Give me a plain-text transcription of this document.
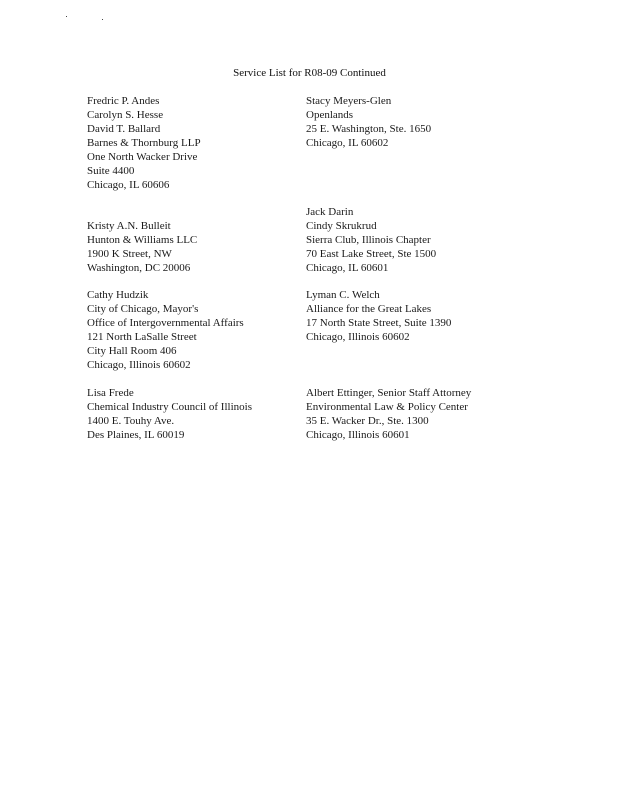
Service List for R08-09 Continued
Fredric P. Andes
Carolyn S. Hesse
David T. Ballard
Barnes & Thornburg LLP
One North Wacker Drive
Suite 4400
Chicago, IL 60606
Stacy Meyers-Glen
Openlands
25 E. Washington, Ste. 1650
Chicago, IL 60602
Kristy A.N. Bulleit
Hunton & Williams LLC
1900 K Street, NW
Washington, DC 20006
Jack Darin
Cindy Skrukrud
Sierra Club, Illinois Chapter
70 East Lake Street, Ste 1500
Chicago, IL 60601
Cathy Hudzik
City of Chicago, Mayor's
Office of Intergovernmental Affairs
121 North LaSalle Street
City Hall Room 406
Chicago, Illinois 60602
Lyman C. Welch
Alliance for the Great Lakes
17 North State Street, Suite 1390
Chicago, Illinois 60602
Lisa Frede
Chemical Industry Council of Illinois
1400 E. Touhy Ave.
Des Plaines, IL 60019
Albert Ettinger, Senior Staff Attorney
Environmental Law & Policy Center
35 E. Wacker Dr., Ste. 1300
Chicago, Illinois 60601
